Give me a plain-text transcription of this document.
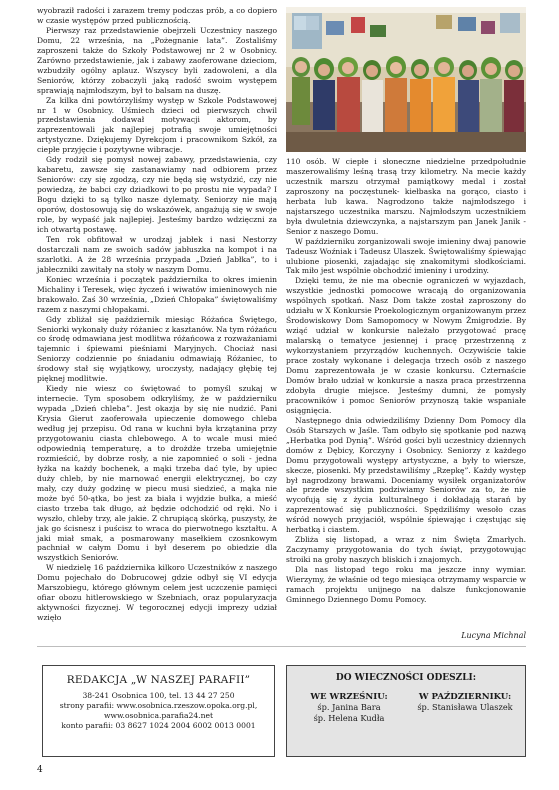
wyobraził radości i zarazem tremy podczas prób, a co dopiero w czasie występów przed publicznością.

Pierwszy raz przedstawienie obejrzeli Uczestnicy naszego Domu, 22 września, na „Pożegnanie lata”. Zostaliśmy zaproszeni także do Szkoły Podstawowej nr 2 w Osobnicy. Zarówno przedstawienie, jak i zabawy zaoferowane dzieciom, wzbudziły ogólny aplauz. Wszyscy byli zadowoleni, a dla Seniorów, którzy zobaczyli jaką radość swoim występem sprawiają najmłodszym, był to balsam na duszę.

Za kilka dni powtórzyliśmy występ w Szkole Podstawowej nr 1 w Osobnicy. Uśmiech dzieci od pierwszych chwil przedstawienia dodawał motywacji aktorom, by zaprezentowali jak najlepiej potrafią swoje umiejętności artystyczne. Dziękujemy Dyrekcjom i pracownikom Szkół, za ciepłe przyjęcie i pozytywne wibracje.

Gdy rodził się pomysł nowej zabawy, przedstawienia, czy kabaretu, zawsze się zastanawiamy nad odbiorem przez Seniorów: czy się zgodzą, czy nie będą się wstydzić, czy nie powiedzą, że babci czy dziadkowi to po prostu nie wypada? I Bogu dzięki to są tylko nasze dylematy. Seniorzy nie mają oporów, dostosowują się do wskazówek, angażują się w swoje role, by wypaść jak najlepiej. Jesteśmy bardzo wdzięczni za ich otwartą postawę.

Ten rok obfitował w urodzaj jabłek i nasi Nestorzy dostarczali nam ze swoich sadów jabłuszka na kompot i na szarlotki. A że 28 września przypada „Dzień Jabłka”, to i jabłeczniki zawitały na stoły w naszym Domu.

Koniec września i początek października to okres imienin Michaliny i Teresek, więc życzeń i wiwatów imieninowych nie brakowało. Zaś 30 września, „Dzień Chłopaka” świętowaliśmy razem z naszymi chłopakami.

Gdy zbliżał się październik miesiąc Różańca Świętego, Seniorki wykonały duży różaniec z kasztanów. Na tym różańcu co środę odmawiana jest modlitwa różańcowa z rozważaniami tajemnic i śpiewami pieśniami Maryjnych. Chociaż nasi Seniorzy codziennie po śniadaniu odmawiają Różaniec, to środowy stał się wyjątkowy, uroczysty, nadający głębię tej pięknej modlitwie.

Kiedy nie wiesz co świętować to pomyśl szukaj w internecie. Tym sposobem odkryliśmy, że w październiku wypada „Dzień chleba”. Jest okazja by się nie nudzić. Pani Krysia Gierut zaoferowała upieczenie domowego chleba według jej przepisu. Od rana w kuchni była krzątanina przy przygotowaniu ciasta chlebowego. A to wcale musi mieć odpowiednią temperaturę, a to drożdże trzeba umiejętnie rozmieścić, by dobrze rosły, a nie zapomnieć o soli - jedna łyżka na każdy bochenek, a mąki trzeba dać tyle, by upiec duży chleb, by nie marnować energii elektrycznej, bo czy mały, czy duży godzinę w piecu musi siedzieć, a mąka nie może być 50-ątka, bo jest za biała i wyjdzie bułka, a mieść ciasto trzeba tak długo, aż będzie odchodzić od ręki. No i wyszło, chleby trzy, ale jakie. Z chrupiącą skórką, puszysty, że jak go ścisnesz i puścisz to wraca do pierwotnego kształtu. A jaki miał smak, a posmarowany masełkiem czosnkowym pachniał w całym Domu i był deserem po obiedzie dla wszystkich Seniorów.

W niedzielę 16 października kilkoro Uczestników z naszego Domu pojechało do Dobrucowej gdzie odbył się VI edycja Marszobiegu, którego głównym celem jest uczczenie pamięci ofiar obozu hitlerowskiego w Szebniach, oraz popularyzacja aktywności fizycznej. W tegorocznej edycji imprezy udział wzięło

110 osób. W ciepłe i słoneczne niedzielne przedpołudnie maszerowaliśmy leśną trasą trzy kilometry. Na mecie każdy uczestnik marszu otrzymał pamiątkowy medal i został zaproszony na poczęstunek- kiełbaska na gorąco, ciasto i herbata lub kawa. Nagrodzono także najmłodszego i najstarszego uczestnika marszu. Najmłodszym uczestnikiem była dwuletnia dziewczynka, a najstarszym pan Janek Janik - Senior z naszego Domu.

W październiku zorganizowali swoje imieniny dwaj panowie Tadeusz Woźniak i Tadeusz Ulaszek. Świętowaliśmy śpiewając ulubione piosenki, zajadając się znakomitymi słodkościami. Tak miło jest wspólnie obchodzić imieniny i urodziny.

Dzięki temu, że nie ma obecnie ograniczeń w wyjazdach, wszystkie jednostki pomocowe wracają do organizowania wspólnych spotkań. Nasz Dom także został zaproszony do udziału w X Konkursie Proekologicznym organizowanym przez Środowiskowy Dom Samopomocy w Nowym Żmigrodzie. By wziąć udział w konkursie należało przygotować pracę malarską o tematyce jesiennej i pracę przestrzenną z wykorzystaniem przyrządów kuchennych. Oczywiście takie prace zostały wykonane i delegacja trzech osób z naszego Domu zaprezentowała je w czasie konkursu. Czternaście Domów brało udział w konkursie a nasza praca przestrzenna zdobyła drugie miejsce. Jesteśmy dumni, że pomysły pracowników i pomoc Seniorów przynoszą takie wspaniałe osiągnięcia.

Następnego dnia odwiedziliśmy Dzienny Dom Pomocy dla Osób Starszych w Jaśle. Tam odbyło się spotkanie pod nazwą „Herbatka pod Dynią”. Wśród gości byli uczestnicy dziennych domów z Dębicy, Korczyny i Osobnicy. Seniorzy z każdego Domu przygotowali występy artystyczne, a były to wiersze, skecze, piosenki. My przedstawiliśmy „Rzepkę”. Każdy występ był nagrodzony brawami. Doceniamy wysiłek organizatorów ale przede wszystkim podziwiamy Seniorów za to, że nie wycofują się z życia kulturalnego i dokładają starań by zaprezentować się publiczności. Spędziliśmy wesoło czas wśród nowych przyjaciół, wspólnie śpiewając i częstując się herbatką i ciastem.

Zbliża się listopad, a wraz z nim Święta Zmarłych. Zaczynamy przygotowania do tych świąt, przygotowując stroiki na groby naszych bliskich i znajomych.

Dla nas listopad tego roku ma jeszcze inny wymiar. Wierzymy, że właśnie od tego miesiąca otrzymamy wsparcie w ramach projektu unijnego na dalsze funkcjonowanie Gminnego Dziennego Domu Pomocy.

Lucyna Michnal
REDAKCJA „W NASZEJ PARAFII”
38-241 Osobnica 100, tel. 13 44 27 250
strony parafii: www.osobnica.rzeszow.opoka.org.pl,
www.osobnica.parafia24.net
konto parafii: 03 8627 1024 2004 6002 0013 0001
DO WIECZNOŚCI ODESZLI:
WE WRZEŚNIU:
śp. Janina Bara
śp. Helena Kudła
W PAŹDZIERNIKU:
śp. Stanisława Ulaszek
4
